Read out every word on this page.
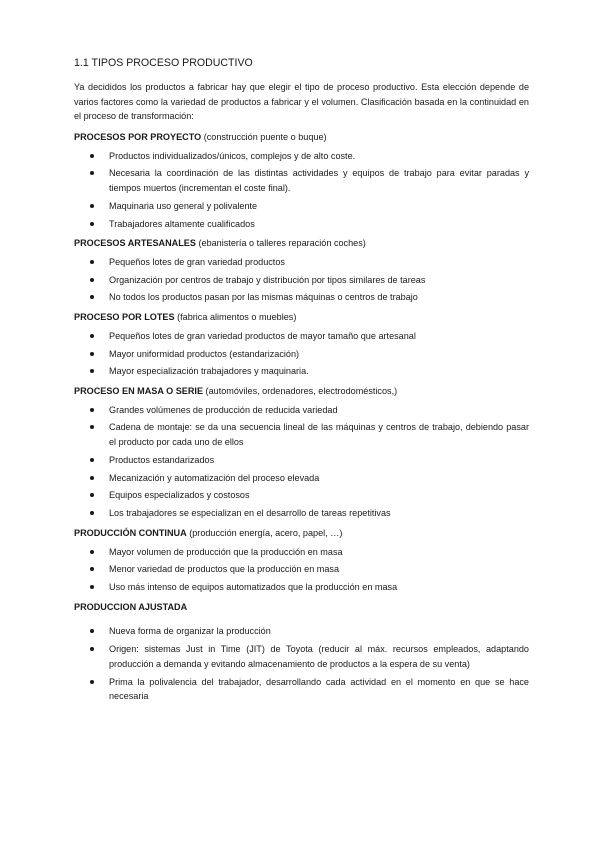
1.1 TIPOS PROCESO PRODUCTIVO

Ya decididos los productos a fabricar hay que elegir el tipo de proceso productivo. Esta elección depende de varios factores como la variedad de productos a fabricar y el volumen. Clasificación basada en la continuidad en el proceso de transformación:

PROCESOS POR PROYECTO (construcción puente o buque)

Productos individualizados/únicos, complejos y de alto coste.
Necesaria la coordinación de las distintas actividades y equipos de trabajo para evitar paradas y tiempos muertos (incrementan el coste final).
Maquinaria uso general y polivalente
Trabajadores altamente cualificados

PROCESOS ARTESANALES (ebanistería o talleres reparación coches)

Pequeños lotes de gran variedad productos
Organización por centros de trabajo y distribución por tipos similares de tareas
No todos los productos pasan por las mismas máquinas o centros de trabajo

PROCESO POR LOTES (fabrica alimentos o muebles)

Pequeños lotes de gran variedad productos de mayor tamaño que artesanal
Mayor uniformidad productos (estandarización)
Mayor especialización trabajadores y maquinaria.

PROCESO EN MASA O SERIE (automóviles, ordenadores, electrodomésticos,)

Grandes volúmenes de producción de reducida variedad
Cadena de montaje: se da una secuencia lineal de las máquinas y centros de trabajo, debiendo pasar el producto por cada uno de ellos
Productos estandarizados
Mecanización y automatización del proceso elevada
Equipos especializados y costosos
Los trabajadores se especializan en el desarrollo de tareas repetitivas

PRODUCCIÓN CONTINUA (producción energía, acero, papel, …)

Mayor volumen de producción que la producción en masa
Menor variedad de productos que la producción en masa
Uso más intenso de equipos automatizados que la producción en masa

PRODUCCION AJUSTADA

Nueva forma de organizar la producción
Origen: sistemas Just in Time (JIT) de Toyota (reducir al máx. recursos empleados, adaptando producción a demanda y evitando almacenamiento de productos a la espera de su venta)
Prima la polivalencia del trabajador, desarrollando cada actividad en el momento en que se hace necesaria
